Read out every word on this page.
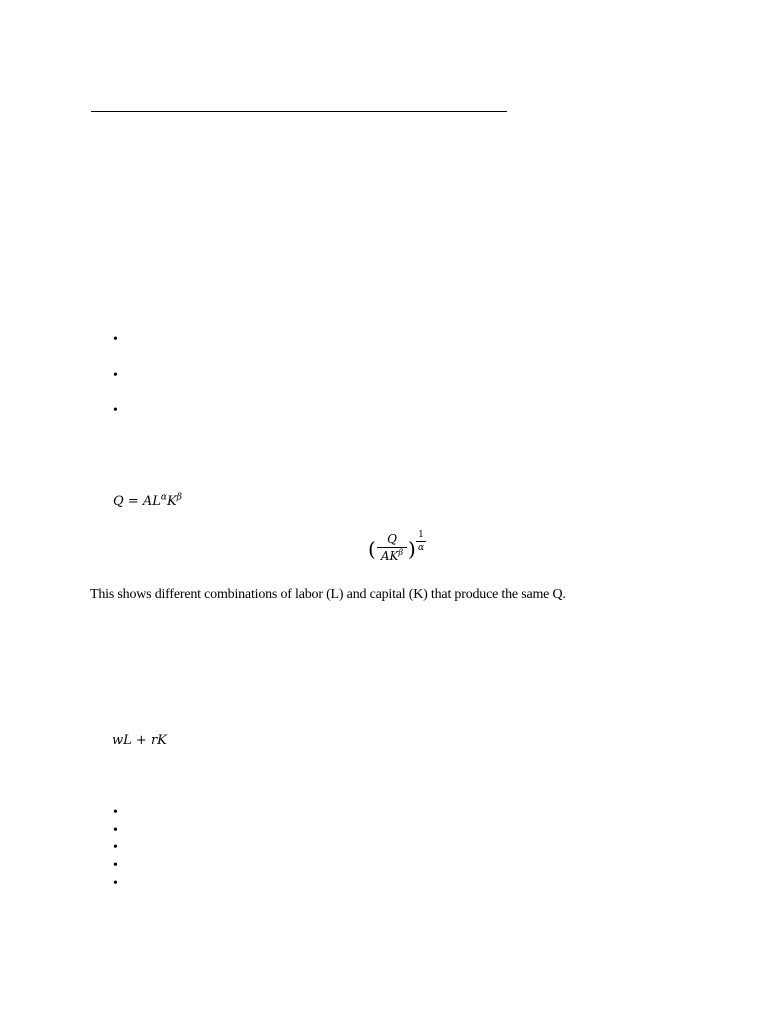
•
•
•
$Q = AL^\alpha K^\beta$
( Q
$AK^\beta$ )
1
α
This shows different combinations of labor (L) and capital (K) that produce the same Q.
wL + rK
•
•
•
•
•
